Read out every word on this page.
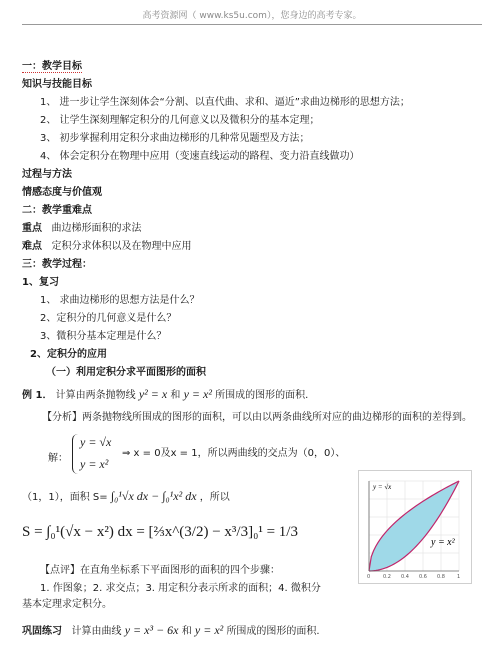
高考资源网（ www.ks5u.com），您身边的高考专家。
一：教学目标
知识与技能目标
1、 进一步让学生深刻体会“分割、以直代曲、求和、逼近”求曲边梯形的思想方法；
2、 让学生深刻理解定积分的几何意义以及微积分的基本定理；
3、 初步掌握利用定积分求曲边梯形的几种常见题型及方法；
4、 体会定积分在物理中应用（变速直线运动的路程、变力沿直线做功）
过程与方法
情感态度与价值观
二：教学重难点
重点 曲边梯形面积的求法
难点 定积分求体积以及在物理中应用
三：教学过程：
1、复习
1、 求曲边梯形的思想方法是什么？
2、定积分的几何意义是什么？
3、微积分基本定理是什么？
2、定积分的应用
（一）利用定积分求平面图形的面积
例 1． 计算由两条抛物线 y² = x 和 y = x² 所围成的图形的面积.
【分析】两条抛物线所围成的图形的面积，可以由以两条曲线所对应的曲边梯形的面积的差得到。
解：
y = √x
y = x²
⇒ x = 0及x = 1，所以两曲线的交点为（0，0）、
（1，1），面积 S= ∫₀¹√x dx − ∫₀¹x² dx ，所以
S = ∫₀¹(√x − x²) dx = [⅔x^(3/2) − x³/3]₀¹ = 1/3
y = √x
y = x²
0	0.2 0.4 0.6 0.8 1
【点评】在直角坐标系下平面图形的面积的四个步骤：
1. 作图象；2. 求交点；3. 用定积分表示所求的面积；4. 微积分
基本定理求定积分。
巩固练习 计算由曲线 y = x³ − 6x 和 y = x² 所围成的图形的面积.
